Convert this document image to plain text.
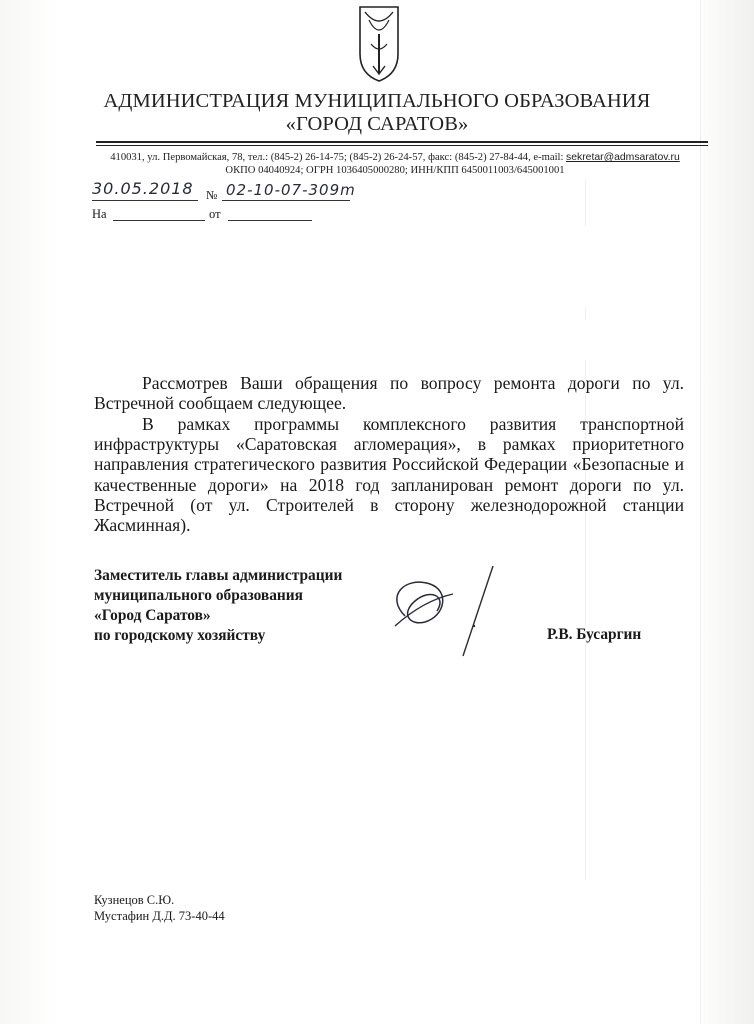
АДМИНИСТРАЦИЯ МУНИЦИПАЛЬНОГО ОБРАЗОВАНИЯ
«ГОРОД САРАТОВ»
410031, ул. Первомайская, 78, тел.: (845-2) 26-14-75; (845-2) 26-24-57, факс: (845-2) 27-84-44, e-mail: sekretar@admsaratov.ru
ОКПО 04040924; ОГРН 1036405000280; ИНН/КПП 6450011003/645001001
30.05.2018 № 02-10-07-309m
На	от

Рассмотрев Ваши обращения по вопросу ремонта дороги по ул. Встречной сообщаем следующее.

В рамках программы комплексного развития транспортной инфраструктуры «Саратовская агломерация», в рамках приоритетного направления стратегического развития Российской Федерации «Безопасные и качественные дороги» на 2018 год запланирован ремонт дороги по ул. Встречной (от ул. Строителей в сторону железнодорожной станции Жасминная).

Заместитель главы администрации
муниципального образования
«Город Саратов»
по городскому хозяйству	Р.В. Бусаргин
Кузнецов С.Ю.
Мустафин Д.Д. 73-40-44
